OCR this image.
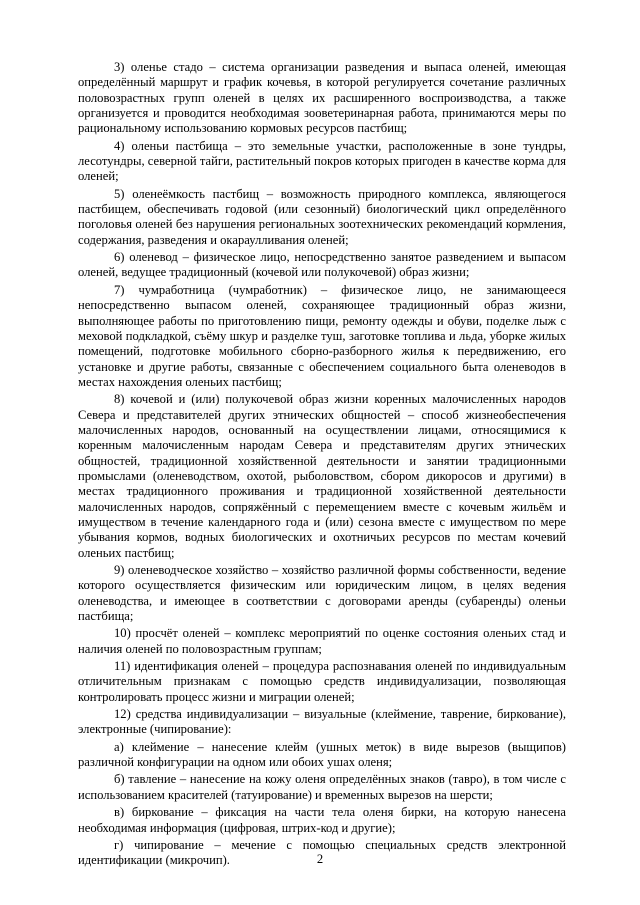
3) оленье стадо – система организации разведения и выпаса оленей, имеющая определённый маршрут и график кочевья, в которой регулируется сочетание различных половозрастных групп оленей в целях их расширенного воспроизводства, а также организуется и проводится необходимая зооветеринарная работа, принимаются меры по рациональному использованию кормовых ресурсов пастбищ;

4) оленьи пастбища – это земельные участки, расположенные в зоне тундры, лесотундры, северной тайги, растительный покров которых пригоден в качестве корма для оленей;

5) оленеёмкость пастбищ – возможность природного комплекса, являющегося пастбищем, обеспечивать годовой (или сезонный) биологический цикл определённого поголовья оленей без нарушения региональных зоотехнических рекомендаций кормления, содержания, разведения и окараулливания оленей;

6) оленевод – физическое лицо, непосредственно занятое разведением и выпасом оленей, ведущее традиционный (кочевой или полукочевой) образ жизни;

7) чумработница (чумработник) – физическое лицо, не занимающееся непосредственно выпасом оленей, сохраняющее традиционный образ жизни, выполняющее работы по приготовлению пищи, ремонту одежды и обуви, поделке лыж с меховой подкладкой, съёму шкур и разделке туш, заготовке топлива и льда, уборке жилых помещений, подготовке мобильного сборно-разборного жилья к передвижению, его установке и другие работы, связанные с обеспечением социального быта оленеводов в местах нахождения оленьих пастбищ;

8) кочевой и (или) полукочевой образ жизни коренных малочисленных народов Севера и представителей других этнических общностей – способ жизнеобеспечения малочисленных народов, основанный на осуществлении лицами, относящимися к коренным малочисленным народам Севера и представителям других этнических общностей, традиционной хозяйственной деятельности и занятии традиционными промыслами (оленеводством, охотой, рыболовством, сбором дикоросов и другими) в местах традиционного проживания и традиционной хозяйственной деятельности малочисленных народов, сопряжённый с перемещением вместе с кочевым жильём и имуществом в течение календарного года и (или) сезона вместе с имуществом по мере убывания кормов, водных биологических и охотничьих ресурсов по местам кочевий оленьих пастбищ;

9) оленеводческое хозяйство – хозяйство различной формы собственности, ведение которого осуществляется физическим или юридическим лицом, в целях ведения оленеводства, и имеющее в соответствии с договорами аренды (субаренды) оленьи пастбища;

10) просчёт оленей – комплекс мероприятий по оценке состояния оленьих стад и наличия оленей по половозрастным группам;

11) идентификация оленей – процедура распознавания оленей по индивидуальным отличительным признакам с помощью средств индивидуализации, позволяющая контролировать процесс жизни и миграции оленей;

12) средства индивидуализации – визуальные (клеймение, таврение, биркование), электронные (чипирование):

а) клеймение – нанесение клейм (ушных меток) в виде вырезов (выщипов) различной конфигурации на одном или обоих ушах оленя;

б) тавление – нанесение на кожу оленя определённых знаков (тавро), в том числе с использованием красителей (татуирование) и временных вырезов на шерсти;

в) биркование – фиксация на части тела оленя бирки, на которую нанесена необходимая информация (цифровая, штрих-код и другие);

г) чипирование – мечение с помощью специальных средств электронной идентификации (микрочип).	2
